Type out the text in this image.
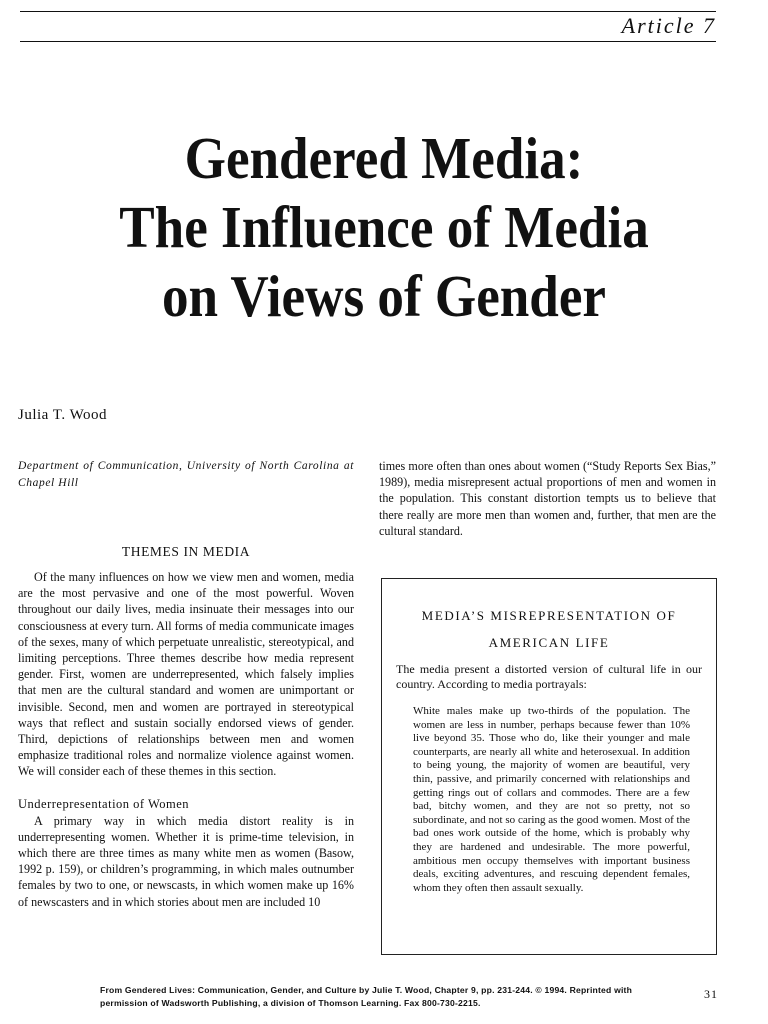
Article 7
Gendered Media:
The Influence of Media
on Views of Gender

Julia T. Wood

Department of Communication, University of North Carolina at Chapel Hill

THEMES IN MEDIA

Of the many influences on how we view men and women, media are the most pervasive and one of the most powerful. Woven throughout our daily lives, media insinuate their messages into our consciousness at every turn. All forms of media communicate images of the sexes, many of which perpetuate unrealistic, stereotypical, and limiting perceptions. Three themes describe how media represent gender. First, women are underrepresented, which falsely implies that men are the cultural standard and women are unimportant or invisible. Second, men and women are portrayed in stereotypical ways that reflect and sustain socially endorsed views of gender. Third, depictions of relationships between men and women emphasize traditional roles and normalize violence against women. We will consider each of these themes in this section.

Underrepresentation of Women

A primary way in which media distort reality is in underrepresenting women. Whether it is prime-time television, in which there are three times as many white men as women (Basow, 1992 p. 159), or children’s programming, in which males outnumber females by two to one, or newscasts, in which women make up 16% of newscasters and in which stories about men are included 10

times more often than ones about women (“Study Reports Sex Bias,” 1989), media misrepresent actual proportions of men and women in the population. This constant distortion tempts us to believe that there really are more men than women and, further, that men are the cultural standard.

MEDIA’S MISREPRESENTATION OF
AMERICAN LIFE

The media present a distorted version of cultural life in our country. According to media portrayals:

White males make up two-thirds of the population. The women are less in number, perhaps because fewer than 10% live beyond 35. Those who do, like their younger and male counterparts, are nearly all white and heterosexual. In addition to being young, the majority of women are beautiful, very thin, passive, and primarily concerned with relationships and getting rings out of collars and commodes. There are a few bad, bitchy women, and they are not so pretty, not so subordinate, and not so caring as the good women. Most of the bad ones work outside of the home, which is probably why they are hardened and undesirable. The more powerful, ambitious men occupy themselves with important business deals, exciting adventures, and rescuing dependent females, whom they often then assault sexually.

From Gendered Lives: Communication, Gender, and Culture by Julie T. Wood, Chapter 9, pp. 231-244. © 1994. Reprinted with
permission of Wadsworth Publishing, a division of Thomson Learning. Fax 800-730-2215.
31
